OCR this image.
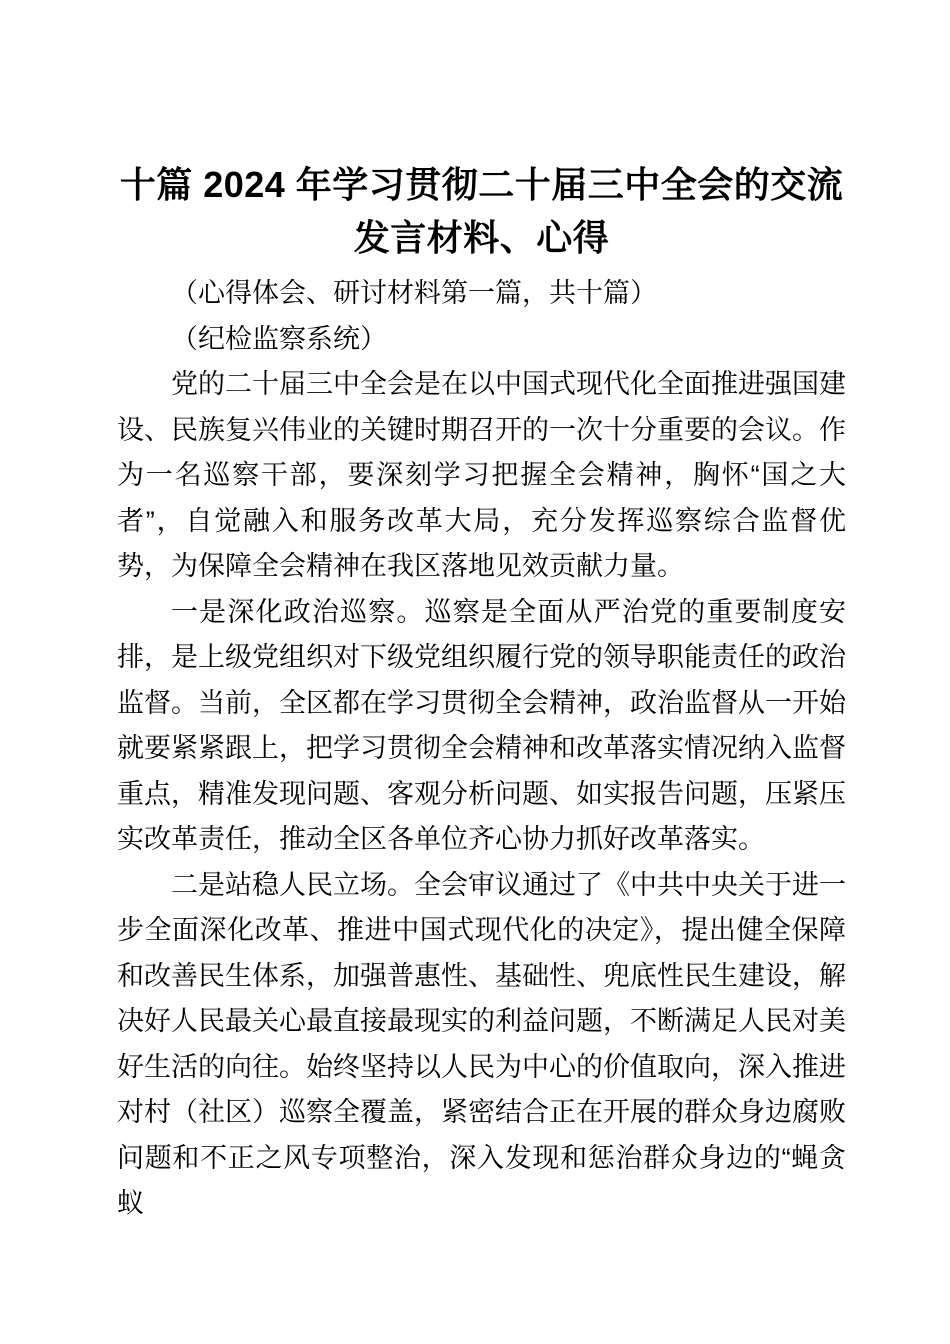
十篇 2024 年学习贯彻二十届三中全会的交流
发言材料、心得

（心得体会、研讨材料第一篇，共十篇）

（纪检监察系统）

党的二十届三中全会是在以中国式现代化全面推进强国建设、民族复兴伟业的关键时期召开的一次十分重要的会议。作为一名巡察干部，要深刻学习把握全会精神，胸怀“国之大者”，自觉融入和服务改革大局，充分发挥巡察综合监督优势，为保障全会精神在我区落地见效贡献力量。

一是深化政治巡察。巡察是全面从严治党的重要制度安排，是上级党组织对下级党组织履行党的领导职能责任的政治监督。当前，全区都在学习贯彻全会精神，政治监督从一开始就要紧紧跟上，把学习贯彻全会精神和改革落实情况纳入监督重点，精准发现问题、客观分析问题、如实报告问题，压紧压实改革责任，推动全区各单位齐心协力抓好改革落实。

二是站稳人民立场。全会审议通过了《中共中央关于进一步全面深化改革、推进中国式现代化的决定》，提出健全保障和改善民生体系，加强普惠性、基础性、兜底性民生建设，解决好人民最关心最直接最现实的利益问题，不断满足人民对美好生活的向往。始终坚持以人民为中心的价值取向，深入推进对村（社区）巡察全覆盖，紧密结合正在开展的群众身边腐败问题和不正之风专项整治，深入发现和惩治群众身边的“蝇贪蚁
